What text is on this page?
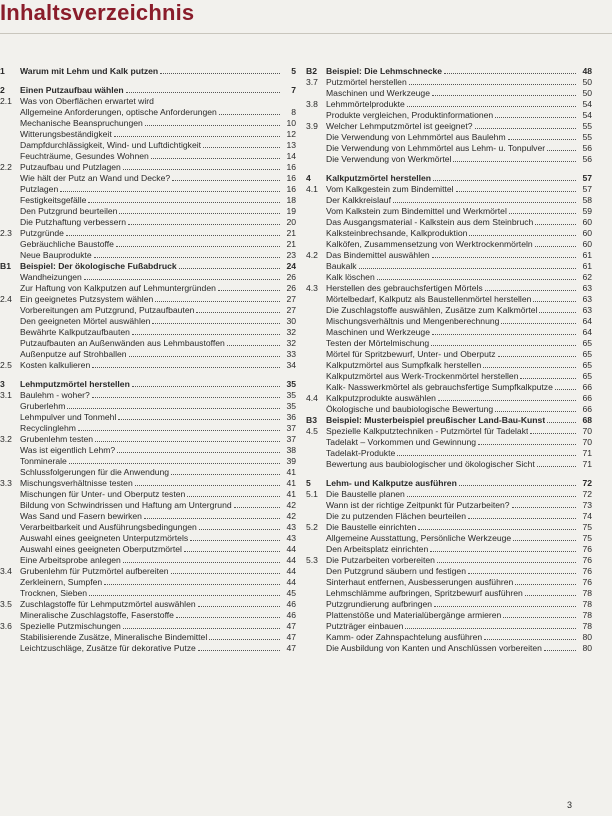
Inhaltsverzeichnis
1	Warum mit Lehm und Kalk putzen	5
2	Einen Putzaufbau wählen	7
2.1 Was von Oberflächen erwartet wird
Allgemeine Anforderungen, optische Anforderungen	8
Mechanische Beanspruchungen	10
Witterungsbeständigkeit	12
Dampfdurchlässigkeit, Wind- und Luftdichtigkeit	13
Feuchträume, Gesundes Wohnen	14
2.2 Putzaufbau und Putzlagen	16
Wie hält der Putz an Wand und Decke?	16
Putzlagen	16
Festigkeitsgefälle	18
Den Putzgrund beurteilen	19
Die Putzhaftung verbessern	20
2.3 Putzgründe	21
Gebräuchliche Baustoffe	21
Neue Bauprodukte	23
B1	Beispiel: Der ökologische Fußabdruck	24
Wandheizungen	26
Zur Haftung von Kalkputzen auf Lehmuntergründen	26
2.4 Ein geeignetes Putzsystem wählen	27
Vorbereitungen am Putzgrund, Putzaufbauten	27
Den geeigneten Mörtel auswählen	30
Bewährte Kalkputzaufbauten	32
Putzaufbauten an Außenwänden aus Lehmbaustoffen	32
Außenputze auf Strohballen	33
2.5 Kosten kalkulieren	34
3	Lehmputzmörtel herstellen	35
3.1 Baulehm - woher?	35
Gruberlehm	35
Lehmpulver und Tonmehl	36
Recyclinglehm	37
3.2 Grubenlehm testen	37
Was ist eigentlich Lehm?	38
Tonminerale	39
Schlussfolgerungen für die Anwendung	41
3.3 Mischungsverhältnisse testen	41
Mischungen für Unter- und Oberputz testen	41
Bildung von Schwindrissen und Haftung am Untergrund	42
Was Sand und Fasern bewirken	42
Verarbeitbarkeit und Ausführungsbedingungen	43
Auswahl eines geeigneten Unterputzmörtels	43
Auswahl eines geeigneten Oberputzmörtel	44
Eine Arbeitsprobe anlegen	44
3.4 Grubenlehm für Putzmörtel aufbereiten	44
Zerkleinern, Sumpfen	44
Trocknen, Sieben	45
3.5 Zuschlagstoffe für Lehmputzmörtel auswählen	46
Mineralische Zuschlagstoffe, Faserstoffe	46
3.6 Spezielle Putzmischungen	47
Stabilisierende Zusätze, Mineralische Bindemittel	47
Leichtzuschläge, Zusätze für dekorative Putze	47
B2	Beispiel: Die Lehmschnecke	48
3.7 Putzmörtel herstellen	50
Maschinen und Werkzeuge	50
3.8 Lehmmörtelprodukte	54
Produkte vergleichen, Produktinformationen	54
3.9 Welcher Lehmputzmörtel ist geeignet?	55
Die Verwendung von Lehmmörtel aus Baulehm	55
Die Verwendung von Lehmmörtel aus Lehm- u. Tonpulver	56
Die Verwendung von Werkmörtel	56
4	Kalkputzmörtel herstellen	57
4.1 Vom Kalkgestein zum Bindemittel	57
Der Kalkkreislauf	58
Vom Kalkstein zum Bindemittel und Werkmörtel	59
Das Ausgangsmaterial - Kalkstein aus dem Steinbruch	60
Kalksteinbrechsande, Kalkproduktion	60
Kalköfen, Zusammensetzung von Werktrockenmörteln	60
4.2 Das Bindemittel auswählen	61
Baukalk	61
Kalk löschen	62
4.3 Herstellen des gebrauchsfertigen Mörtels	63
Mörtelbedarf, Kalkputz als Baustellenmörtel herstellen	63
Die Zuschlagstoffe auswählen, Zusätze zum Kalkmörtel	63
Mischungsverhältnis und Mengenberechnung	64
Maschinen und Werkzeuge	64
Testen der Mörtelmischung	65
Mörtel für Spritzbewurf, Unter- und Oberputz	65
Kalkputzmörtel aus Sumpfkalk herstellen	65
Kalkputzmörtel aus Werk-Trockenmörtel herstellen	65
Kalk- Nasswerkmörtel als gebrauchsfertige Sumpfkalkputze	66
4.4 Kalkputzprodukte auswählen	66
Ökologische und baubiologische Bewertung	66
B3	Beispiel: Musterbeispiel preußischer Land-Bau-Kunst	68
4.5 Spezielle Kalkputztechniken - Putzmörtel für Tadelakt	70
Tadelakt – Vorkommen und Gewinnung	70
Tadelakt-Produkte	71
Bewertung aus baubiologischer und ökologischer Sicht	71
5	Lehm- und Kalkputze ausführen	72
5.1 Die Baustelle planen	72
Wann ist der richtige Zeitpunkt für Putzarbeiten?	73
Die zu putzenden Flächen beurteilen	74
5.2 Die Baustelle einrichten	75
Allgemeine Ausstattung, Persönliche Werkzeuge	75
Den Arbeitsplatz einrichten	76
5.3 Die Putzarbeiten vorbereiten	76
Den Putzgrund säubern und festigen	76
Sinterhaut entfernen, Ausbesserungen ausführen	76
Lehmschlämme aufbringen, Spritzbewurf ausführen	78
Putzgrundierung aufbringen	78
Plattenstöße und Materialübergänge armieren	78
Putzträger einbauen	78
Kamm- oder Zahnspachtelung ausführen	80
Die Ausbildung von Kanten und Anschlüssen vorbereiten	80
3
